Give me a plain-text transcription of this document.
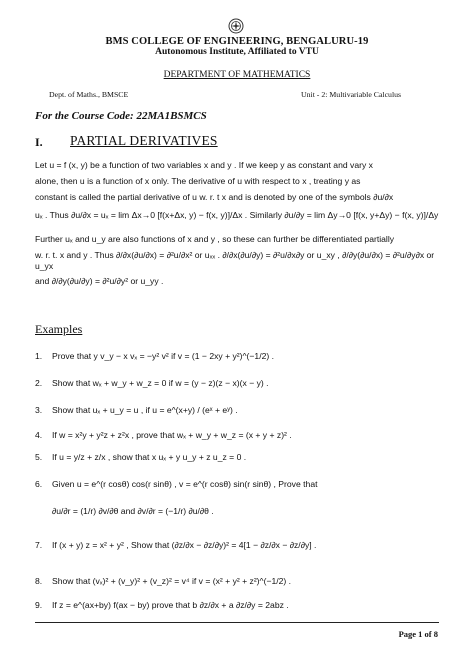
BMS COLLEGE OF ENGINEERING, BENGALURU-19
Autonomous Institute, Affiliated to VTU
DEPARTMENT OF MATHEMATICS
Dept. of Maths., BMSCE	Unit - 2: Multivariable Calculus
For the Course Code: 22MA1BSMCS
I. PARTIAL DERIVATIVES
Let u = f (x, y) be a function of two variables x and y . If we keep y as constant and vary x
alone, then u is a function of x only. The derivative of u with respect to x , treating y as
constant is called the partial derivative of u w. r. t x and is denoted by one of the symbols ∂u/∂x
uₓ . Thus ∂u/∂x = uₓ = lim Δx→0 [f(x+Δx, y) − f(x, y)]/Δx . Similarly ∂u/∂y = lim Δy→0 [f(x, y+Δy) − f(x, y)]/Δy
Further uₓ and u_y are also functions of x and y , so these can further be differentiated partially
w. r. t. x and y . Thus ∂/∂x(∂u/∂x) = ∂²u/∂x² or uₓₓ . ∂/∂x(∂u/∂y) = ∂²u/∂x∂y or u_xy , ∂/∂y(∂u/∂x) = ∂²u/∂y∂x or u_yx
and ∂/∂y(∂u/∂y) = ∂²u/∂y² or u_yy .
Examples
1. Prove that y v_y − x vₓ = −y² v² if v = (1 − 2xy + y²)^(−1/2) .
2. Show that wₓ + w_y + w_z = 0 if w = (y − z)(z − x)(x − y) .
3. Show that uₓ + u_y = u , if u = e^(x+y) / (eˣ + eʸ) .
4. If w = x²y + y²z + z²x , prove that wₓ + w_y + w_z = (x + y + z)² .
5. If u = y/z + z/x , show that x uₓ + y u_y + z u_z = 0 .
6. Given u = e^(r cosθ) cos(r sinθ) , v = e^(r cosθ) sin(r sinθ) , Prove that
∂u/∂r = (1/r) ∂v/∂θ and ∂v/∂r = (−1/r) ∂u/∂θ .
7. If (x + y) z = x² + y² , Show that (∂z/∂x − ∂z/∂y)² = 4[1 − ∂z/∂x − ∂z/∂y] .
8. Show that (vₓ)² + (v_y)² + (v_z)² = v⁴ if v = (x² + y² + z²)^(−1/2) .
9. If z = e^(ax+by) f(ax − by) prove that b ∂z/∂x + a ∂z/∂y = 2abz .
Page 1 of 8
